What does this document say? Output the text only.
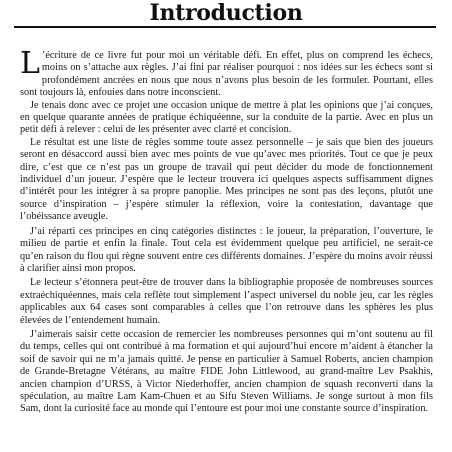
Introduction

L ’écriture de ce livre fut pour moi un véritable défi. En effet, plus on comprend les échecs, moins on s’attache aux règles. J’ai fini par réaliser pourquoi : nos idées sur les échecs sont si profondément ancrées en nous que nous n’avons plus besoin de les formuler. Pourtant, elles sont toujours là, enfouies dans notre inconscient.

Je tenais donc avec ce projet une occasion unique de mettre à plat les opinions que j’ai conçues, en quelque quarante années de pratique échiquéenne, sur la conduite de la partie. Avec en plus un petit défi à relever : celui de les présenter avec clarté et concision.

Le résultat est une liste de règles somme toute assez personnelle – je sais que bien des joueurs seront en désaccord aussi bien avec mes points de vue qu’avec mes priorités. Tout ce que je peux dire, c’est que ce n’est pas un groupe de travail qui peut décider du mode de fonctionnement individuel d’un joueur. J’espère que le lecteur trouvera ici quelques aspects suffisamment dignes d’intérêt pour les intégrer à sa propre panoplie. Mes principes ne sont pas des leçons, plutôt une source d’inspiration – j’espère stimuler la réflexion, voire la contestation, davantage que l’obéissance aveugle.

J’ai réparti ces principes en cinq catégories distinctes : le joueur, la préparation, l’ouverture, le milieu de partie et enfin la finale. Tout cela est évidemment quelque peu artificiel, ne serait-ce qu’en raison du flou qui règne souvent entre ces différents domaines. J’espère du moins avoir réussi à clarifier ainsi mon propos.

Le lecteur s’étonnera peut-être de trouver dans la bibliographie proposée de nombreuses sources extraéchiquéennes, mais cela reflète tout simplement l’aspect universel du noble jeu, car les règles applicables aux 64 cases sont comparables à celles que l’on retrouve dans les sphères les plus élevées de l’entendement humain.

J’aimerais saisir cette occasion de remercier les nombreuses personnes qui m’ont soutenu au fil du temps, celles qui ont contribué à ma formation et qui aujourd’hui encore m’aident à étancher la soif de savoir qui ne m’a jamais quitté. Je pense en particulier à Samuel Roberts, ancien champion de Grande-Bretagne Vétérans, au maître FIDE John Littlewood, au grand-maître Lev Psakhis, ancien champion d’URSS, à Victor Niederhoffer, ancien champion de squash reconverti dans la spéculation, au maître Lam Kam-Chuen et au Sifu Steven Williams. Je songe surtout à mon fils Sam, dont la curiosité face au monde qui l’entoure est pour moi une constante source d’inspiration.
